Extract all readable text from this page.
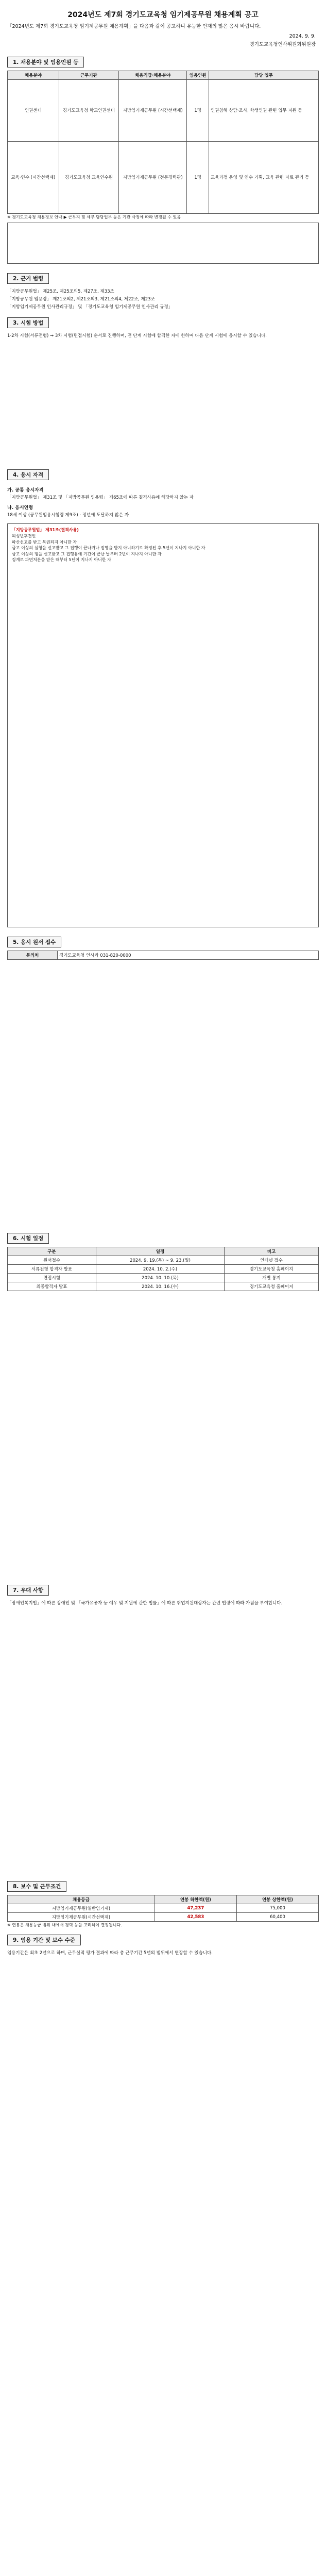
2024년도 제7회 경기도교육청 임기제공무원 채용계획 공고
「2024년도 제7회 경기도교육청 임기제공무원 채용계획」을 다음과 같이 공고하니 유능한 인재의 많은 응시 바랍니다.
2024. 9. 9.
경기도교육청인사위원회위원장
1. 채용분야 및 임용인원 등
채용분야	근무기관	채용직급·채용분야	임용인원	담당 업무
인권센터	경기도교육청 학교인권센터	지방임기제공무원 (시간선택제)	1명	인권침해 상담·조사, 학생인권 관련 업무 지원 등
교육·연수 (시간선택제)	경기도교육청 교육연수원	지방임기제공무원 (전문경력관)	1명	교육과정 운영 및 연수 기획, 교육 관련 자료 관리 등
※ 경기도교육청 채용정보 안내 ▶ 근무지 및 세부 담당업무 등은 기관 사정에 따라 변경될 수 있음
2. 근거 법령
「지방공무원법」 제25조, 제25조의5, 제27조, 제33조
「지방공무원 임용령」 제21조의2, 제21조의3, 제21조의4, 제22조, 제23조
「지방임기제공무원 인사관리규정」 및 「경기도교육청 임기제공무원 인사관리 규정」
3. 시험 방법
1·2차 시험(서류전형) → 3차 시험(면접시험) 순서로 진행하며, 전 단계 시험에 합격한 자에 한하여 다음 단계 시험에 응시할 수 있습니다.
4. 응시 자격
가. 공통 응시자격
「지방공무원법」 제31조 및 「지방공무원 임용령」 제65조에 따른 결격사유에 해당하지 않는 자
나. 응시연령
18세 이상 (공무원임용시험령 제9조) · 정년에 도달하지 않은 자
「지방공무원법」 제31조(결격사유)
피성년후견인
파산선고를 받고 복권되지 아니한 자
금고 이상의 실형을 선고받고 그 집행이 끝나거나 집행을 받지 아니하기로 확정된 후 5년이 지나지 아니한 자
금고 이상의 형을 선고받고 그 집행유예 기간이 끝난 날부터 2년이 지나지 아니한 자
징계로 파면처분을 받은 때부터 5년이 지나지 아니한 자
5. 응시 원서 접수
문의처	경기도교육청 인사과 031-820-0000
6. 시험 일정
구분	일정	비고
원서접수	2024. 9. 19.(목) ~ 9. 23.(월)	인터넷 접수
서류전형 합격자 발표	2024. 10. 2.(수)	경기도교육청 홈페이지
면접시험	2024. 10. 10.(목)	개별 통지
최종합격자 발표	2024. 10. 16.(수)	경기도교육청 홈페이지
7. 우대 사항
「장애인복지법」에 따른 장애인 및 「국가유공자 등 예우 및 지원에 관한 법률」에 따른 취업지원대상자는 관련 법령에 따라 가점을 부여합니다.
8. 보수 및 근무조건
채용등급	연봉 하한액(원)	연봉 상한액(원)
지방임기제공무원(일반임기제)	47,237	75,000
지방임기제공무원(시간선택제)	42,583	60,400
※ 연봉은 채용등급 범위 내에서 경력 등을 고려하여 결정됩니다.
9. 임용 기간 및 보수 수준
임용기간은 최초 2년으로 하며, 근무실적 평가 결과에 따라 총 근무기간 5년의 범위에서 연장할 수 있습니다.
